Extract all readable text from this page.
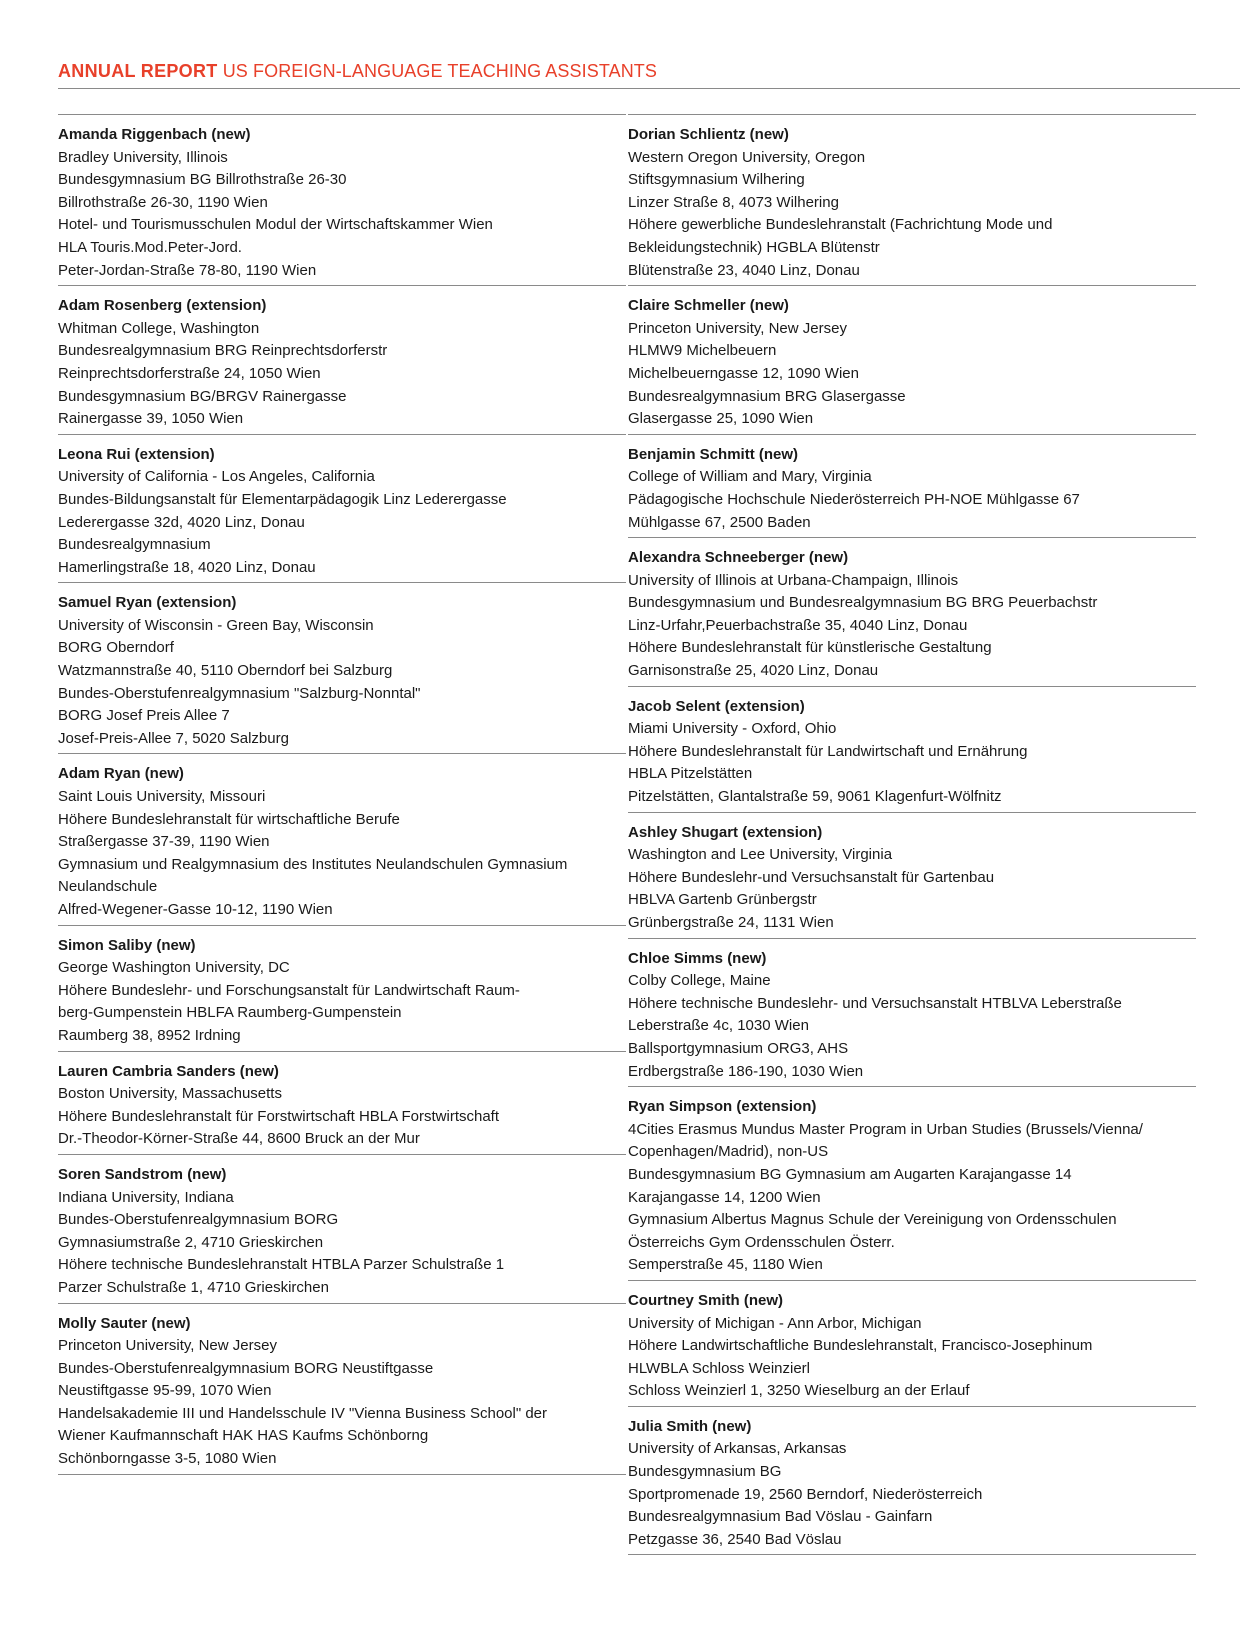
ANNUAL REPORT US FOREIGN-LANGUAGE TEACHING ASSISTANTS
Amanda Riggenbach (new)
Bradley University, Illinois
Bundesgymnasium BG Billrothstraße 26-30
Billrothstraße 26-30, 1190 Wien
Hotel- und Tourismusschulen Modul der Wirtschaftskammer Wien
HLA Touris.Mod.Peter-Jord.
Peter-Jordan-Straße 78-80, 1190 Wien
Adam Rosenberg (extension)
Whitman College, Washington
Bundesrealgymnasium BRG Reinprechtsdorferstr
Reinprechtsdorferstraße 24, 1050 Wien
Bundesgymnasium BG/BRGV Rainergasse
Rainergasse 39, 1050 Wien
Leona Rui (extension)
University of California - Los Angeles, California
Bundes-Bildungsanstalt für Elementarpädagogik Linz Lederergasse
Lederergasse 32d, 4020 Linz, Donau
Bundesrealgymnasium
Hamerlingstraße 18, 4020 Linz, Donau
Samuel Ryan (extension)
University of Wisconsin - Green Bay, Wisconsin
BORG Oberndorf
Watzmannstraße 40, 5110 Oberndorf bei Salzburg
Bundes-Oberstufenrealgymnasium "Salzburg-Nonntal"
BORG Josef Preis Allee 7
Josef-Preis-Allee 7, 5020 Salzburg
Adam Ryan (new)
Saint Louis University, Missouri
Höhere Bundeslehranstalt für wirtschaftliche Berufe
Straßergasse 37-39, 1190 Wien
Gymnasium und Realgymnasium des Institutes Neulandschulen Gymnasium
Neulandschule
Alfred-Wegener-Gasse 10-12, 1190 Wien
Simon Saliby (new)
George Washington University, DC
Höhere Bundeslehr- und Forschungsanstalt für Landwirtschaft Raum-
berg-Gumpenstein HBLFA Raumberg-Gumpenstein
Raumberg 38, 8952 Irdning
Lauren Cambria Sanders (new)
Boston University, Massachusetts
Höhere Bundeslehranstalt für Forstwirtschaft HBLA Forstwirtschaft
Dr.-Theodor-Körner-Straße 44, 8600 Bruck an der Mur
Soren Sandstrom (new)
Indiana University, Indiana
Bundes-Oberstufenrealgymnasium BORG
Gymnasiumstraße 2, 4710 Grieskirchen
Höhere technische Bundeslehranstalt HTBLA Parzer Schulstraße 1
Parzer Schulstraße 1, 4710 Grieskirchen
Molly Sauter (new)
Princeton University, New Jersey
Bundes-Oberstufenrealgymnasium BORG Neustiftgasse
Neustiftgasse 95-99, 1070 Wien
Handelsakademie III und Handelsschule IV "Vienna Business School" der
Wiener Kaufmannschaft HAK HAS Kaufms Schönborng
Schönborngasse 3-5, 1080 Wien
Dorian Schlientz (new)
Western Oregon University, Oregon
Stiftsgymnasium Wilhering
Linzer Straße 8, 4073 Wilhering
Höhere gewerbliche Bundeslehranstalt (Fachrichtung Mode und
Bekleidungstechnik) HGBLA Blütenstr
Blütenstraße 23, 4040 Linz, Donau
Claire Schmeller (new)
Princeton University, New Jersey
HLMW9 Michelbeuern
Michelbeuerngasse 12, 1090 Wien
Bundesrealgymnasium BRG Glasergasse
Glasergasse 25, 1090 Wien
Benjamin Schmitt (new)
College of William and Mary, Virginia
Pädagogische Hochschule Niederösterreich PH-NOE Mühlgasse 67
Mühlgasse 67, 2500 Baden
Alexandra Schneeberger (new)
University of Illinois at Urbana-Champaign, Illinois
Bundesgymnasium und Bundesrealgymnasium BG BRG Peuerbachstr
Linz-Urfahr,Peuerbachstraße 35, 4040 Linz, Donau
Höhere Bundeslehranstalt für künstlerische Gestaltung
Garnisonstraße 25, 4020 Linz, Donau
Jacob Selent (extension)
Miami University - Oxford, Ohio
Höhere Bundeslehranstalt für Landwirtschaft und Ernährung
HBLA Pitzelstätten
Pitzelstätten, Glantalstraße 59, 9061 Klagenfurt-Wölfnitz
Ashley Shugart (extension)
Washington and Lee University, Virginia
Höhere Bundeslehr-und Versuchsanstalt für Gartenbau
HBLVA Gartenb Grünbergstr
Grünbergstraße 24, 1131 Wien
Chloe Simms (new)
Colby College, Maine
Höhere technische Bundeslehr- und Versuchsanstalt HTBLVA Leberstraße
Leberstraße 4c, 1030 Wien
Ballsportgymnasium ORG3, AHS
Erdbergstraße 186-190, 1030 Wien
Ryan Simpson (extension)
4Cities Erasmus Mundus Master Program in Urban Studies (Brussels/Vienna/
Copenhagen/Madrid), non-US
Bundesgymnasium BG Gymnasium am Augarten Karajangasse 14
Karajangasse 14, 1200 Wien
Gymnasium Albertus Magnus Schule der Vereinigung von Ordensschulen
Österreichs Gym Ordensschulen Österr.
Semperstraße 45, 1180 Wien
Courtney Smith (new)
University of Michigan - Ann Arbor, Michigan
Höhere Landwirtschaftliche Bundeslehranstalt, Francisco-Josephinum
HLWBLA Schloss Weinzierl
Schloss Weinzierl 1, 3250 Wieselburg an der Erlauf
Julia Smith (new)
University of Arkansas, Arkansas
Bundesgymnasium BG
Sportpromenade 19, 2560 Berndorf, Niederösterreich
Bundesrealgymnasium Bad Vöslau - Gainfarn
Petzgasse 36, 2540 Bad Vöslau
